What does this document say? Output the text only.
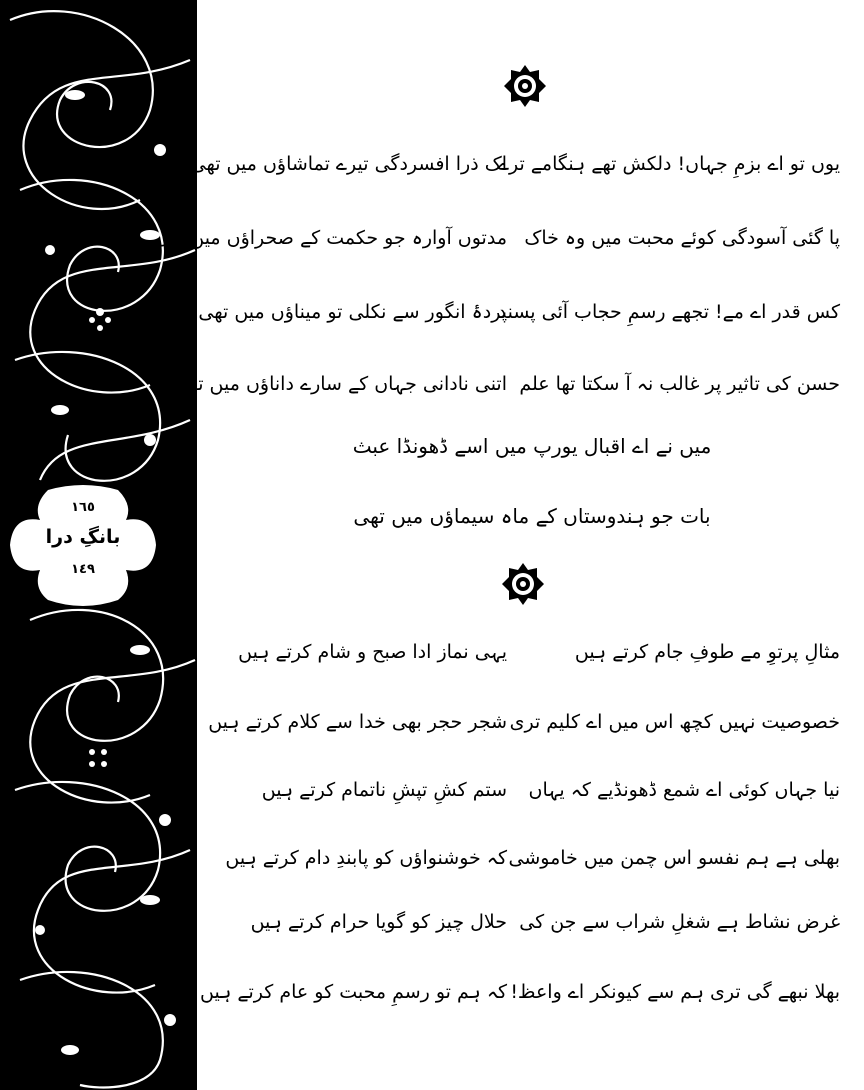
١٦٥
بانگِ درا
١٤٩
یوں تو اے بزمِ جہاں! دلکش تھے ہنگامے ترے
اک ذرا افسردگی تیرے تماشاؤں میں تھی
پا گئی آسودگی کوئے محبت میں وہ خاک
مدتوں آوارہ جو حکمت کے صحراؤں میں تھی
کس قدر اے مے! تجھے رسمِ حجاب آئی پسند
پردۂ انگور سے نکلی تو میناؤں میں تھی
حسن کی تاثیر پر غالب نہ آ سکتا تھا علم
اتنی نادانی جہاں کے سارے داناؤں میں تھی
میں نے اے اقبال یورپ میں اسے ڈھونڈا عبث
بات جو ہندوستاں کے ماہ سیماؤں میں تھی
مثالِ پرتوِ مے طوفِ جام کرتے ہیں
یہی نماز ادا صبح و شام کرتے ہیں
خصوصیت نہیں کچھ اس میں اے کلیم تری
شجر حجر بھی خدا سے کلام کرتے ہیں
نیا جہاں کوئی اے شمع ڈھونڈیے کہ یہاں
ستم کشِ تپشِ ناتمام کرتے ہیں
بھلی ہے ہم نفسو اس چمن میں خاموشی
کہ خوشنواؤں کو پابندِ دام کرتے ہیں
غرض نشاط ہے شغلِ شراب سے جن کی
حلال چیز کو گویا حرام کرتے ہیں
بھلا نبھے گی تری ہم سے کیونکر اے واعظ!
کہ ہم تو رسمِ محبت کو عام کرتے ہیں
